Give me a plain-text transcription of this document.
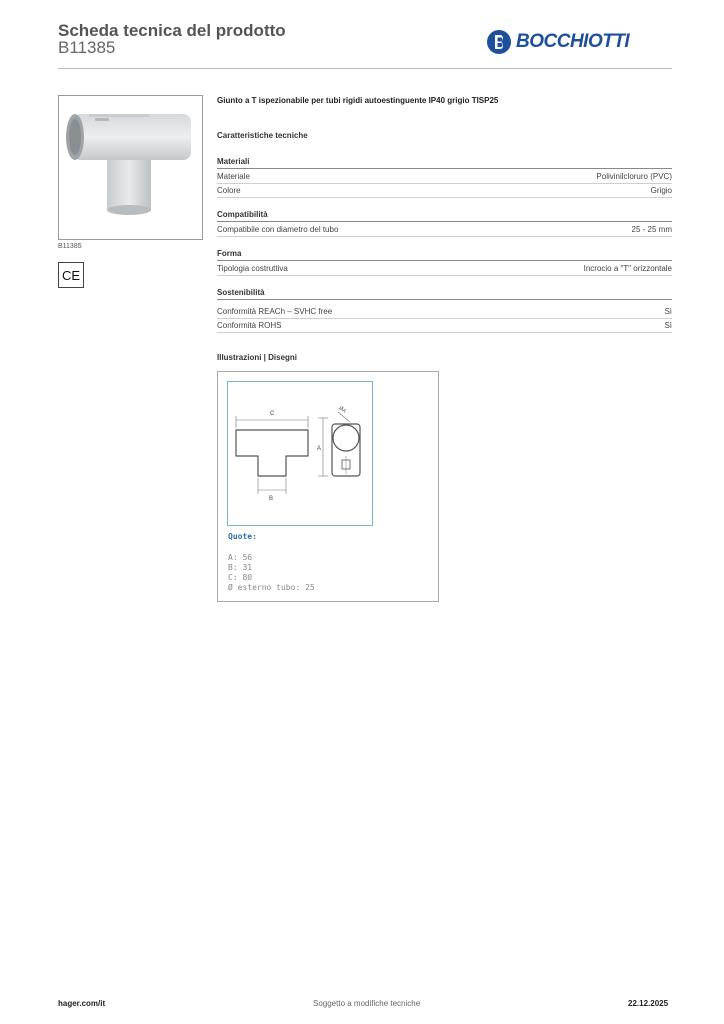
Scheda tecnica del prodotto
B11385	BOCCHIOTTI
B11385
CE
Giunto a T ispezionabile per tubi rigidi autoestinguente IP40 grigio TISP25
Caratteristiche tecniche
Materiali
Materiale	Polivinilcloruro (PVC)
Colore	Grigio
Compatibilità
Compatibile con diametro del tubo	25 - 25 mm
Forma
Tipologia costruttiva	Incrocio a "T" orizzontale
Sostenibilità
Conformità REACh – SVHC free	Sì
Conformità ROHS	Sì
Illustrazioni | Disegni
C
B
A
ØA
Quote:
A: 56
B: 31
C: 80
Ø esterno tubo: 25
hager.com/it	Soggetto a modifiche tecniche	22.12.2025
